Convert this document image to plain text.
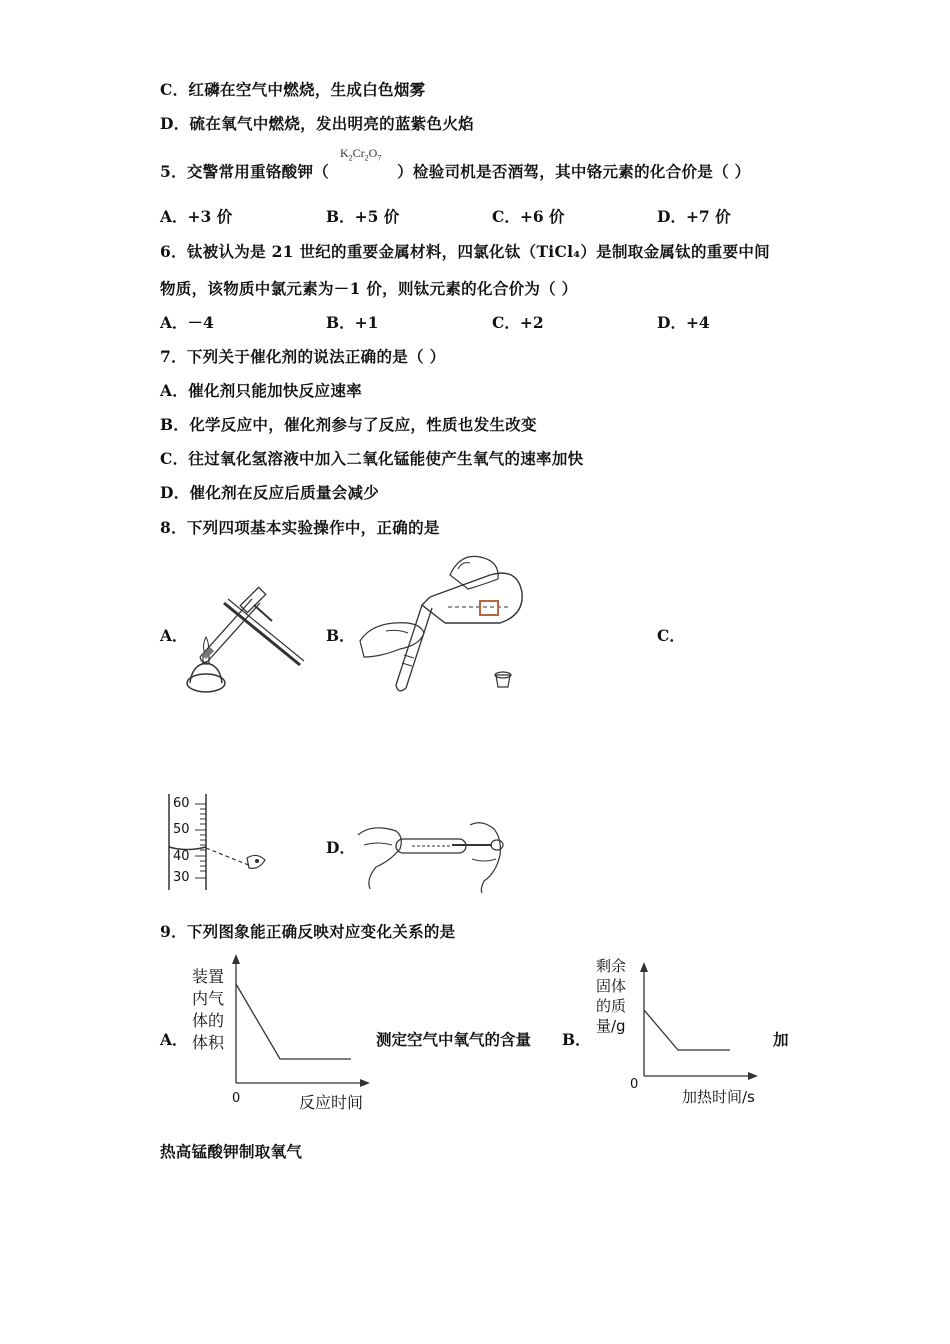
C．红磷在空气中燃烧，生成白色烟雾
D．硫在氧气中燃烧，发出明亮的蓝紫色火焰
5．交警常用重铬酸钾（	）检验司机是否酒驾，其中铬元素的化合价是（ ）
$K_2Cr_2O_7$
A．+3 价	B．+5 价	C．+6 价	D．+7 价
6．钛被认为是 21 世纪的重要金属材料，四氯化钛（TiCl₄）是制取金属钛的重要中间
物质，该物质中氯元素为－1 价，则钛元素的化合价为（ ）
A．－4	B．+1	C．+2	D．+4
7．下列关于催化剂的说法正确的是（ ）
A．催化剂只能加快反应速率
B．化学反应中，催化剂参与了反应，性质也发生改变
C．往过氧化氢溶液中加入二氧化锰能使产生氧气的速率加快
D．催化剂在反应后质量会减少
8．下列四项基本实验操作中，正确的是
A．	B．	C．
60
50
40
30
D．
9．下列图象能正确反映对应变化关系的是
A．
装置
内气
体的
体积
0	反应时间
测定空气中氧气的含量 B．
剩余
固体
的质
量/g
0
加热时间/s
加
热高锰酸钾制取氧气
